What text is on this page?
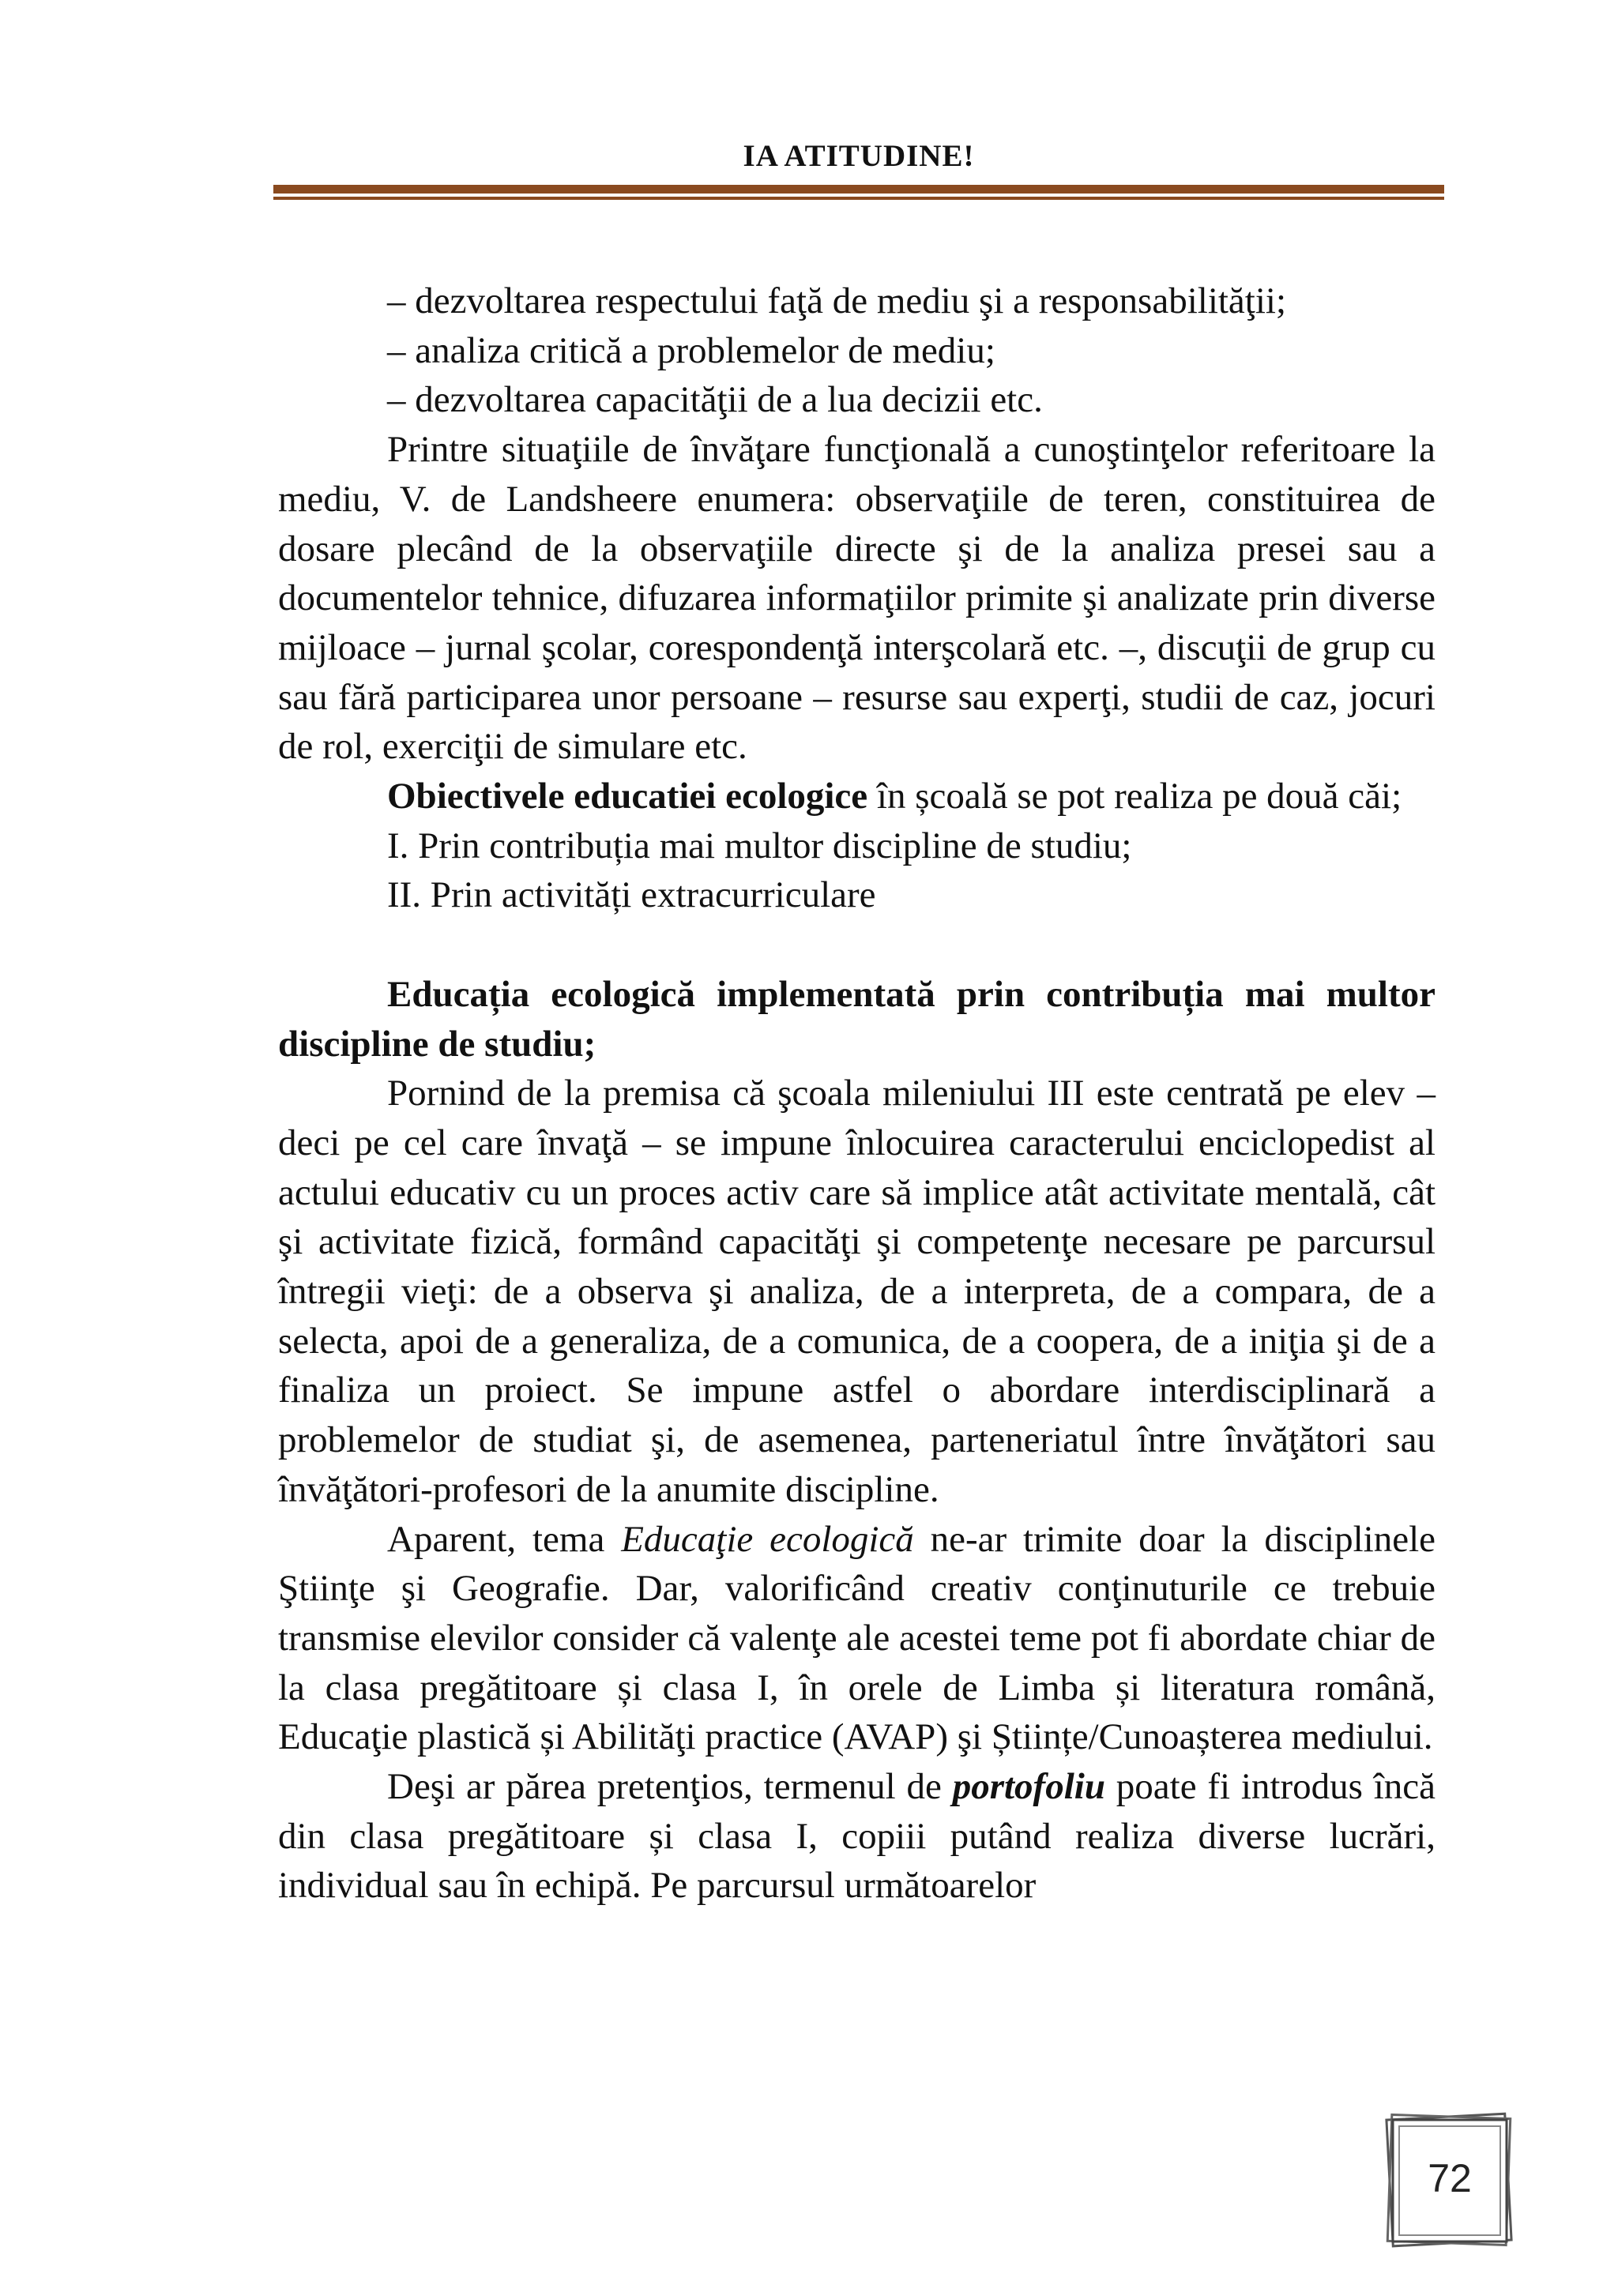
IA ATITUDINE!

– dezvoltarea respectului faţă de mediu şi a responsabilităţii;

– analiza critică a problemelor de mediu;

– dezvoltarea capacităţii de a lua decizii etc.

Printre situaţiile de învăţare funcţională a cunoştinţelor referitoare la mediu, V. de Landsheere enumera: observaţiile de teren, constituirea de dosare plecând de la observaţiile directe şi de la analiza presei sau a documentelor tehnice, difuzarea informaţiilor primite şi analizate prin diverse mijloace – jurnal şcolar, corespondenţă interşcolară etc. –, discuţii de grup cu sau fără participarea unor persoane – resurse sau experţi, studii de caz, jocuri de rol, exerciţii de simulare etc.

Obiectivele educatiei ecologice în școală se pot realiza pe două căi;

I. Prin contribuția mai multor discipline de studiu;

II. Prin activități extracurriculare

Educația ecologică implementată prin contribuția mai multor discipline de studiu;

Pornind de la premisa că şcoala mileniului III este centrată pe elev – deci pe cel care învaţă – se impune înlocuirea caracterului enciclopedist al actului educativ cu un proces activ care să implice atât activitate mentală, cât şi activitate fizică, formând capacităţi şi competenţe necesare pe parcursul întregii vieţi: de a observa şi analiza, de a interpreta, de a compara, de a selecta, apoi de a generaliza, de a comunica, de a coopera, de a iniţia şi de a finaliza un proiect. Se impune astfel o abordare interdisciplinară a problemelor de studiat şi, de asemenea, parteneriatul între învăţători sau învăţători-profesori de la anumite discipline.

Aparent, tema Educaţie ecologică ne-ar trimite doar la disciplinele Ştiinţe şi Geografie. Dar, valorificând creativ conţinuturile ce trebuie transmise elevilor consider că valenţe ale acestei teme pot fi abordate chiar de la clasa pregătitoare și clasa I, în orele de Limba și literatura română, Educaţie plastică și Abilităţi practice (AVAP) şi Științe/Cunoașterea mediului.

Deşi ar părea pretenţios, termenul de portofoliu poate fi introdus încă din clasa pregătitoare și clasa I, copiii putând realiza diverse lucrări, individual sau în echipă. Pe parcursul următoarelor

72
